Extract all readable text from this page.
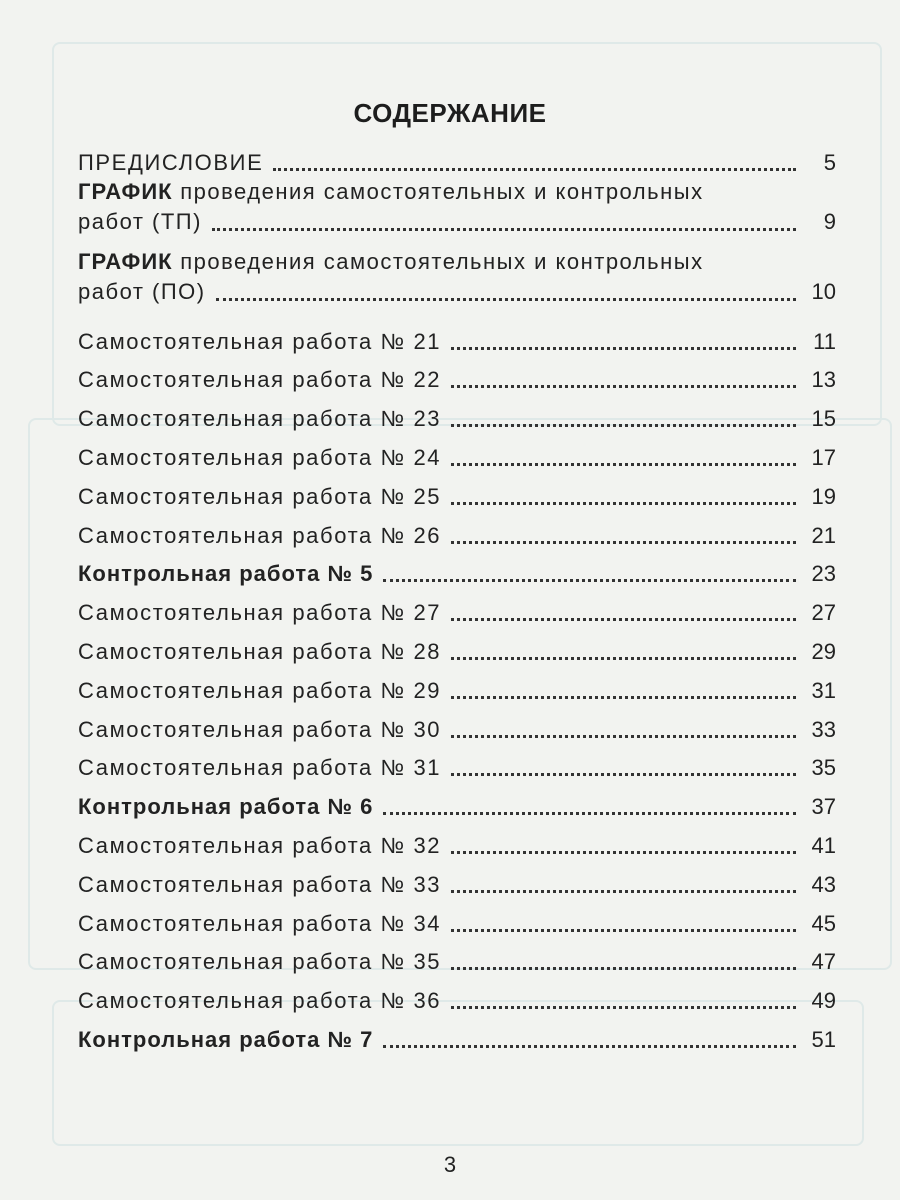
СОДЕРЖАНИЕ
ПРЕДИСЛОВИЕ	5
ГРАФИК проведения самостоятельных и контрольных
работ (ТП)	9
ГРАФИК проведения самостоятельных и контрольных
работ (ПО)	10
Самостоятельная работа № 21	11
Самостоятельная работа № 22	13
Самостоятельная работа № 23	15
Самостоятельная работа № 24	17
Самостоятельная работа № 25	19
Самостоятельная работа № 26	21
Контрольная работа № 5	23
Самостоятельная работа № 27	27
Самостоятельная работа № 28	29
Самостоятельная работа № 29	31
Самостоятельная работа № 30	33
Самостоятельная работа № 31	35
Контрольная работа № 6	37
Самостоятельная работа № 32	41
Самостоятельная работа № 33	43
Самостоятельная работа № 34	45
Самостоятельная работа № 35	47
Самостоятельная работа № 36	49
Контрольная работа № 7	51
3
